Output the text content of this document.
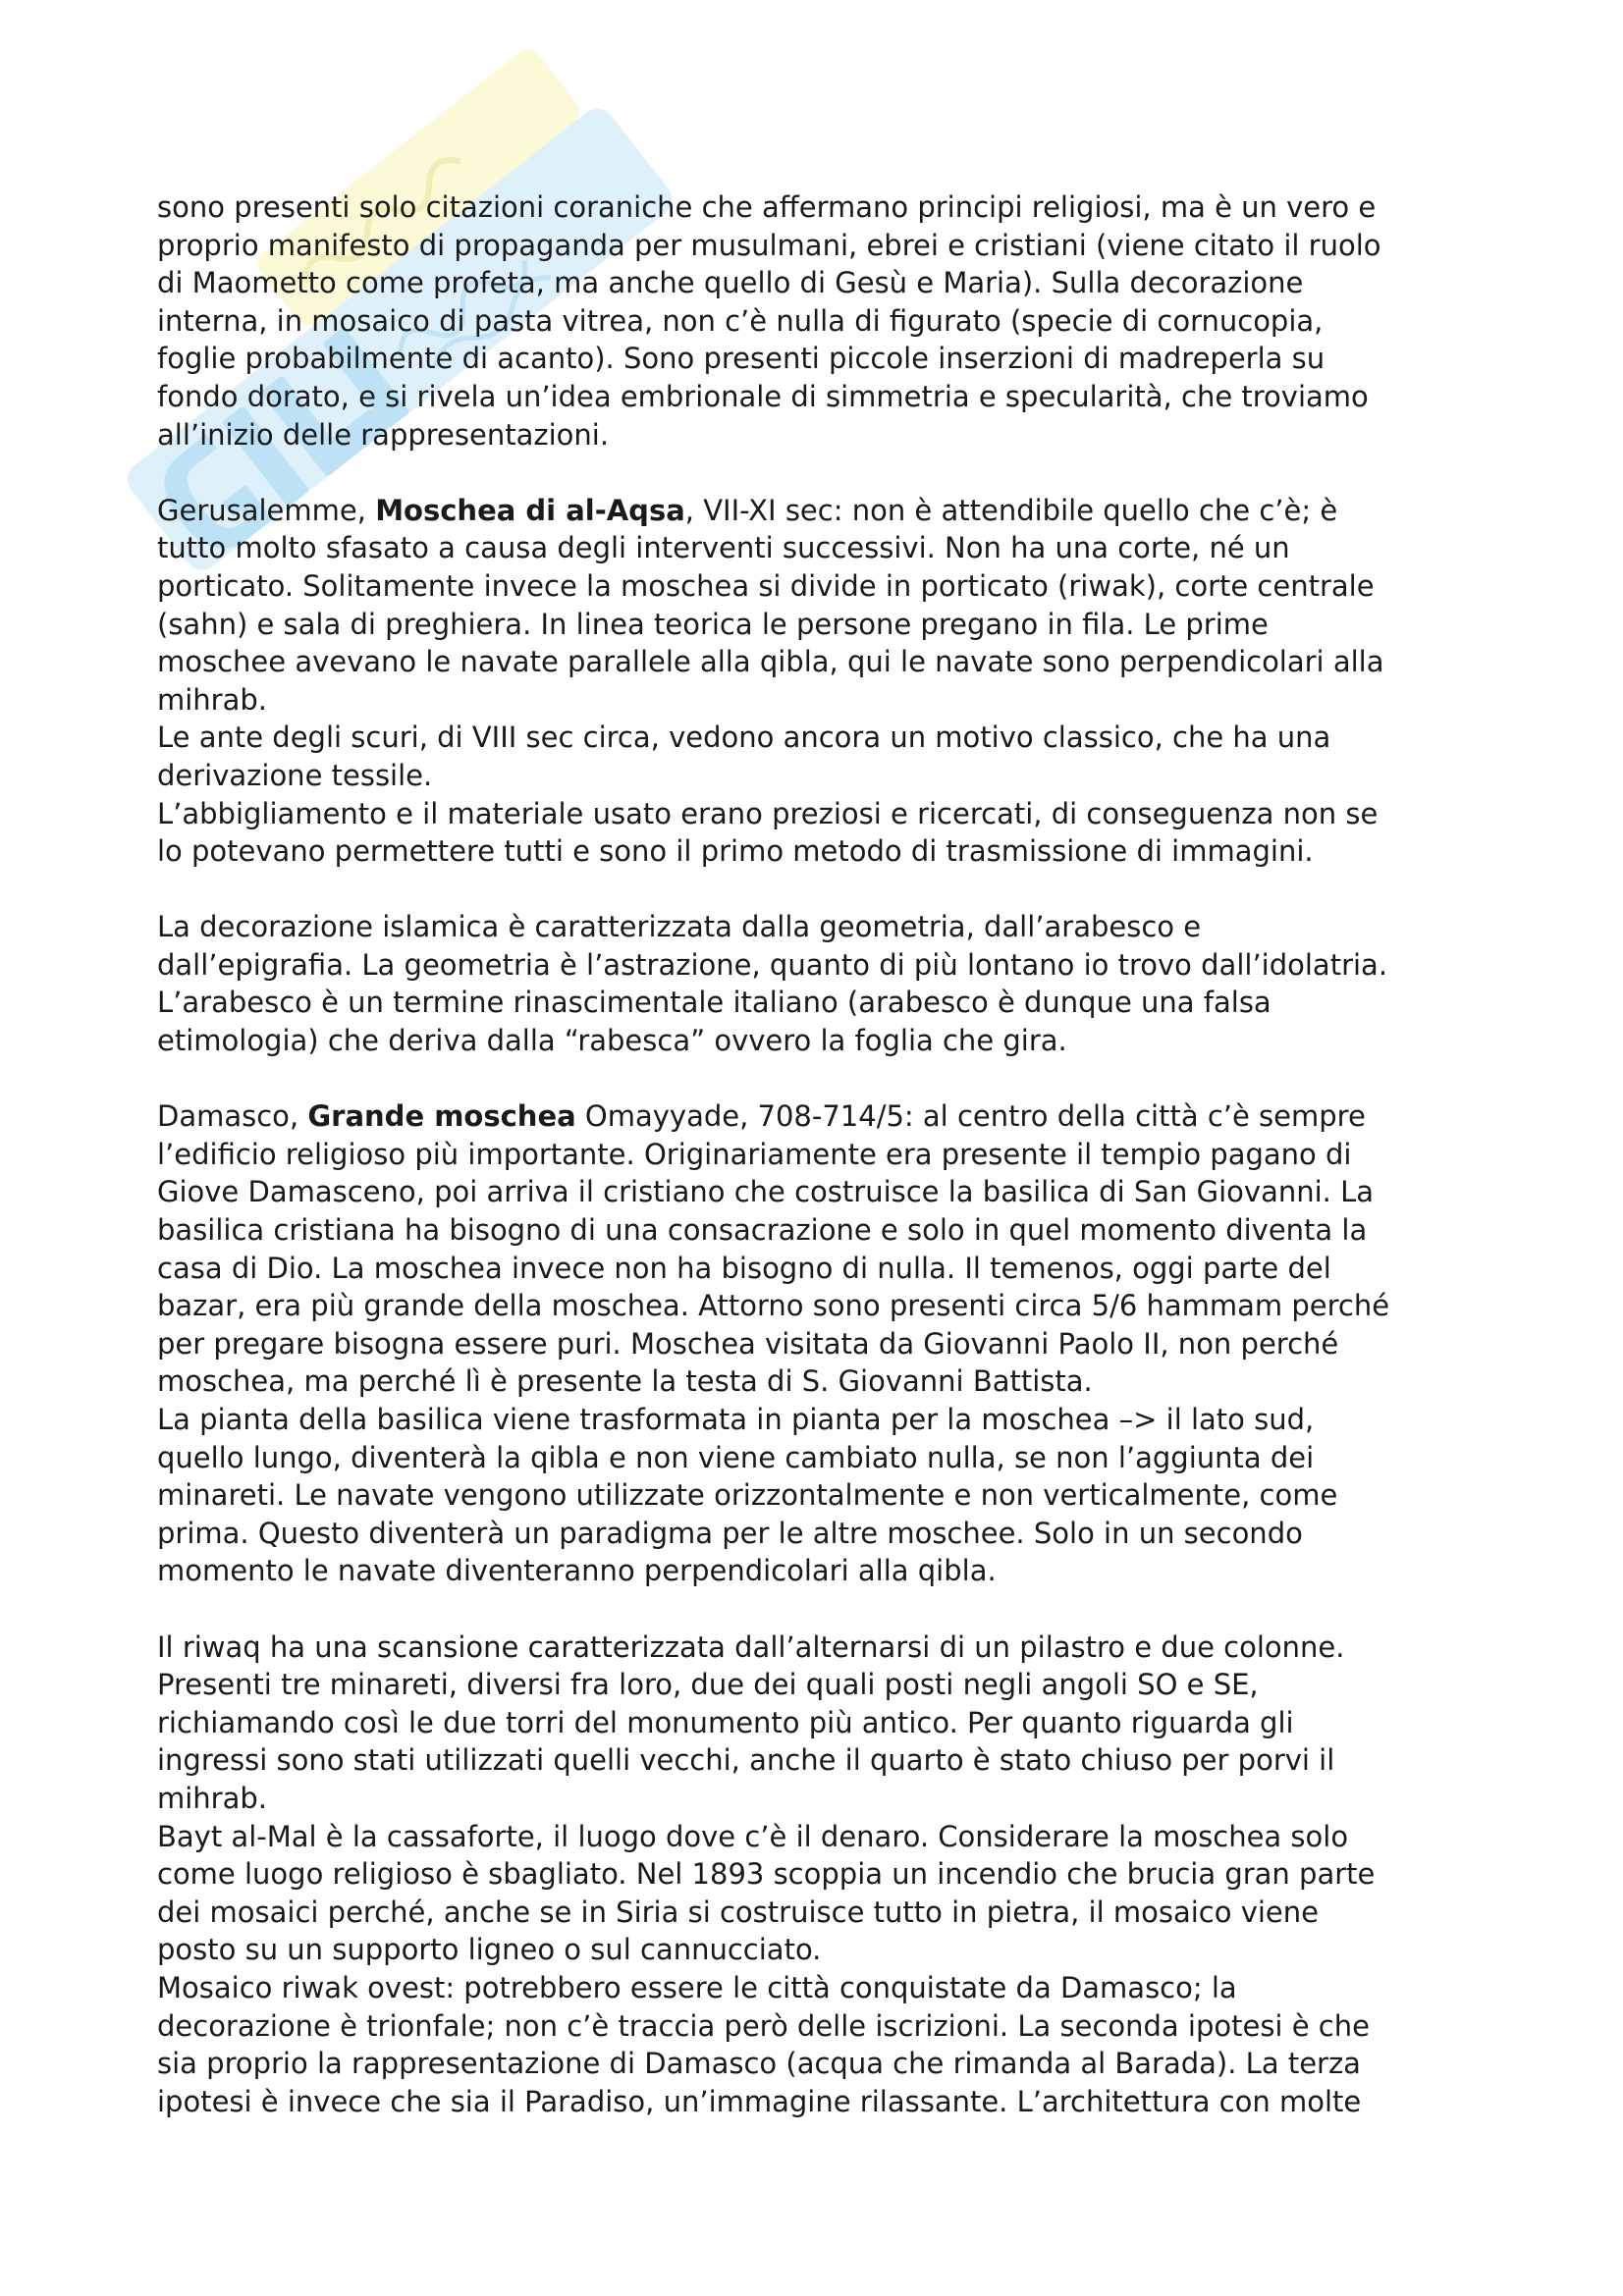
sono presenti solo citazioni coraniche che affermano principi religiosi, ma è un vero e
proprio manifesto di propaganda per musulmani, ebrei e cristiani (viene citato il ruolo
di Maometto come profeta, ma anche quello di Gesù e Maria). Sulla decorazione
interna, in mosaico di pasta vitrea, non c’è nulla di figurato (specie di cornucopia,
foglie probabilmente di acanto). Sono presenti piccole inserzioni di madreperla su
fondo dorato, e si rivela un’idea embrionale di simmetria e specularità, che troviamo
all’inizio delle rappresentazioni.
Gerusalemme, Moschea di al-Aqsa, VII-XI sec: non è attendibile quello che c’è; è
tutto molto sfasato a causa degli interventi successivi. Non ha una corte, né un
porticato. Solitamente invece la moschea si divide in porticato (riwak), corte centrale
(sahn) e sala di preghiera. In linea teorica le persone pregano in fila. Le prime
moschee avevano le navate parallele alla qibla, qui le navate sono perpendicolari alla
mihrab.
Le ante degli scuri, di VIII sec circa, vedono ancora un motivo classico, che ha una
derivazione tessile.
L’abbigliamento e il materiale usato erano preziosi e ricercati, di conseguenza non se
lo potevano permettere tutti e sono il primo metodo di trasmissione di immagini.
La decorazione islamica è caratterizzata dalla geometria, dall’arabesco e
dall’epigrafia. La geometria è l’astrazione, quanto di più lontano io trovo dall’idolatria.
L’arabesco è un termine rinascimentale italiano (arabesco è dunque una falsa
etimologia) che deriva dalla “rabesca” ovvero la foglia che gira.
Damasco, Grande moschea Omayyade, 708-714/5: al centro della città c’è sempre
l’edificio religioso più importante. Originariamente era presente il tempio pagano di
Giove Damasceno, poi arriva il cristiano che costruisce la basilica di San Giovanni. La
basilica cristiana ha bisogno di una consacrazione e solo in quel momento diventa la
casa di Dio. La moschea invece non ha bisogno di nulla. Il temenos, oggi parte del
bazar, era più grande della moschea. Attorno sono presenti circa 5/6 hammam perché
per pregare bisogna essere puri. Moschea visitata da Giovanni Paolo II, non perché
moschea, ma perché lì è presente la testa di S. Giovanni Battista.
La pianta della basilica viene trasformata in pianta per la moschea –> il lato sud,
quello lungo, diventerà la qibla e non viene cambiato nulla, se non l’aggiunta dei
minareti. Le navate vengono utilizzate orizzontalmente e non verticalmente, come
prima. Questo diventerà un paradigma per le altre moschee. Solo in un secondo
momento le navate diventeranno perpendicolari alla qibla.
Il riwaq ha una scansione caratterizzata dall’alternarsi di un pilastro e due colonne.
Presenti tre minareti, diversi fra loro, due dei quali posti negli angoli SO e SE,
richiamando così le due torri del monumento più antico. Per quanto riguarda gli
ingressi sono stati utilizzati quelli vecchi, anche il quarto è stato chiuso per porvi il
mihrab.
Bayt al-Mal è la cassaforte, il luogo dove c’è il denaro. Considerare la moschea solo
come luogo religioso è sbagliato. Nel 1893 scoppia un incendio che brucia gran parte
dei mosaici perché, anche se in Siria si costruisce tutto in pietra, il mosaico viene
posto su un supporto ligneo o sul cannucciato.
Mosaico riwak ovest: potrebbero essere le città conquistate da Damasco; la
decorazione è trionfale; non c’è traccia però delle iscrizioni. La seconda ipotesi è che
sia proprio la rappresentazione di Damasco (acqua che rimanda al Barada). La terza
ipotesi è invece che sia il Paradiso, un’immagine rilassante. L’architettura con molte
